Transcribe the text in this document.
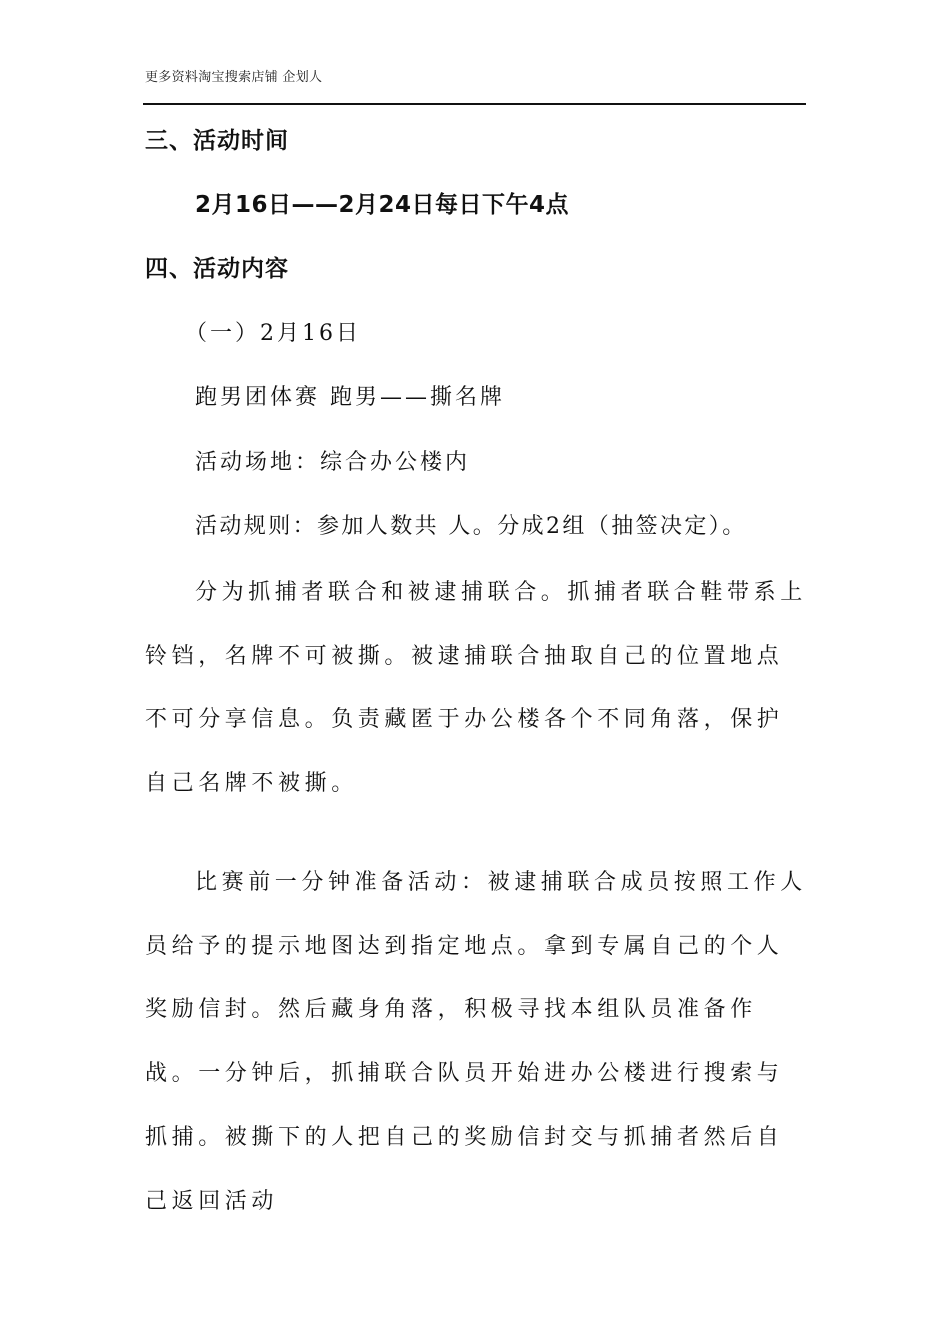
更多资料淘宝搜索店铺 企划人
三、活动时间
2月16日——2月24日每日下午4点
四、活动内容
（一）2月16日
跑男团体赛 跑男——撕名牌
活动场地：综合办公楼内
活动规则：参加人数共 人。分成2组（抽签决定）。

分为抓捕者联合和被逮捕联合。抓捕者联合鞋带系上铃铛，名牌不可被撕。被逮捕联合抽取自己的位置地点不可分享信息。负责藏匿于办公楼各个不同角落，保护自己名牌不被撕。

比赛前一分钟准备活动：被逮捕联合成员按照工作人员给予的提示地图达到指定地点。拿到专属自己的个人奖励信封。然后藏身角落，积极寻找本组队员准备作战。一分钟后，抓捕联合队员开始进办公楼进行搜索与抓捕。被撕下的人把自己的奖励信封交与抓捕者然后自己返回活动
